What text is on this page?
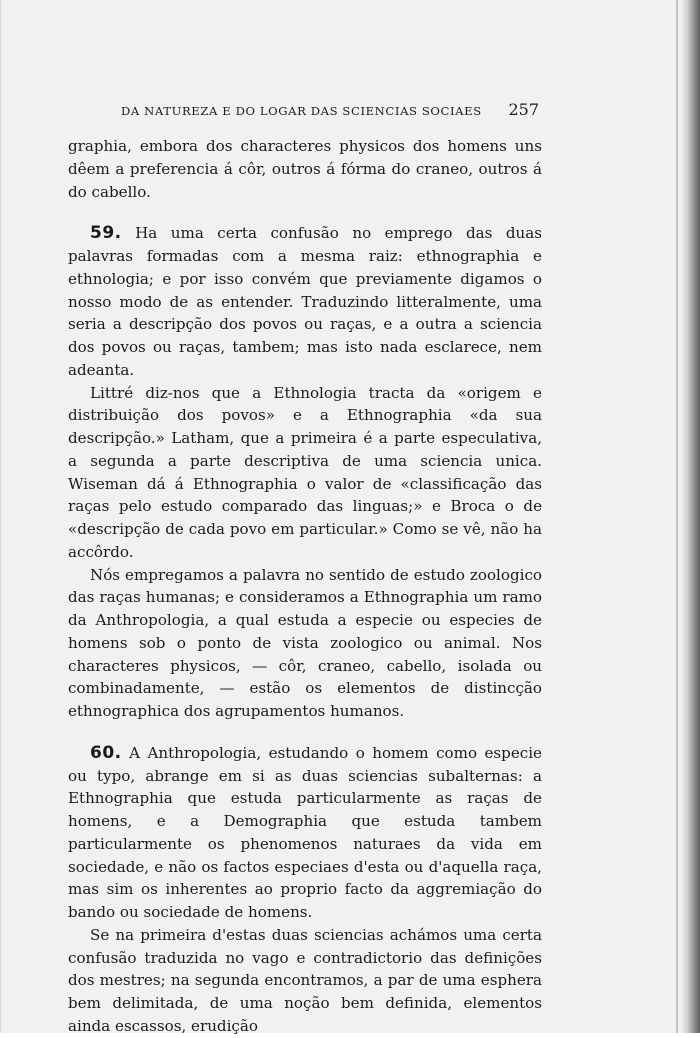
DA NATUREZA E DO LOGAR DAS SCIENCIAS SOCIAES 257

graphia, embora dos characteres physicos dos homens uns dêem a preferencia á côr, outros á fórma do craneo, outros á do cabello.

59. Ha uma certa confusão no emprego das duas palavras formadas com a mesma raiz: ethnographia e ethnologia; e por isso convém que previamente digamos o nosso modo de as entender. Traduzindo litteralmente, uma seria a descripção dos povos ou raças, e a outra a sciencia dos povos ou raças, tambem; mas isto nada esclarece, nem adeanta.

Littré diz-nos que a Ethnologia tracta da «origem e distribuição dos povos» e a Ethnographia «da sua descripção.» Latham, que a primeira é a parte especulativa, a segunda a parte descriptiva de uma sciencia unica. Wiseman dá á Ethnographia o valor de «classificação das raças pelo estudo comparado das linguas;» e Broca o de «descripção de cada povo em particular.» Como se vê, não ha accôrdo.

Nós empregamos a palavra no sentido de estudo zoologico das raças humanas; e consideramos a Ethnographia um ramo da Anthropologia, a qual estuda a especie ou especies de homens sob o ponto de vista zoologico ou animal. Nos characteres physicos, — côr, craneo, cabello, isolada ou combinadamente, — estão os elementos de distincção ethnographica dos agrupamentos humanos.

60. A Anthropologia, estudando o homem como especie ou typo, abrange em si as duas sciencias subalternas: a Ethnographia que estuda particularmente as raças de homens, e a Demographia que estuda tambem particularmente os phenomenos naturaes da vida em sociedade, e não os factos especiaes d'esta ou d'aquella raça, mas sim os inherentes ao proprio facto da aggremiação do bando ou sociedade de homens.

Se na primeira d'estas duas sciencias achámos uma certa confusão traduzida no vago e contradictorio das definições dos mestres; na segunda encontramos, a par de uma esphera bem delimitada, de uma noção bem definida, elementos ainda escassos, erudição
